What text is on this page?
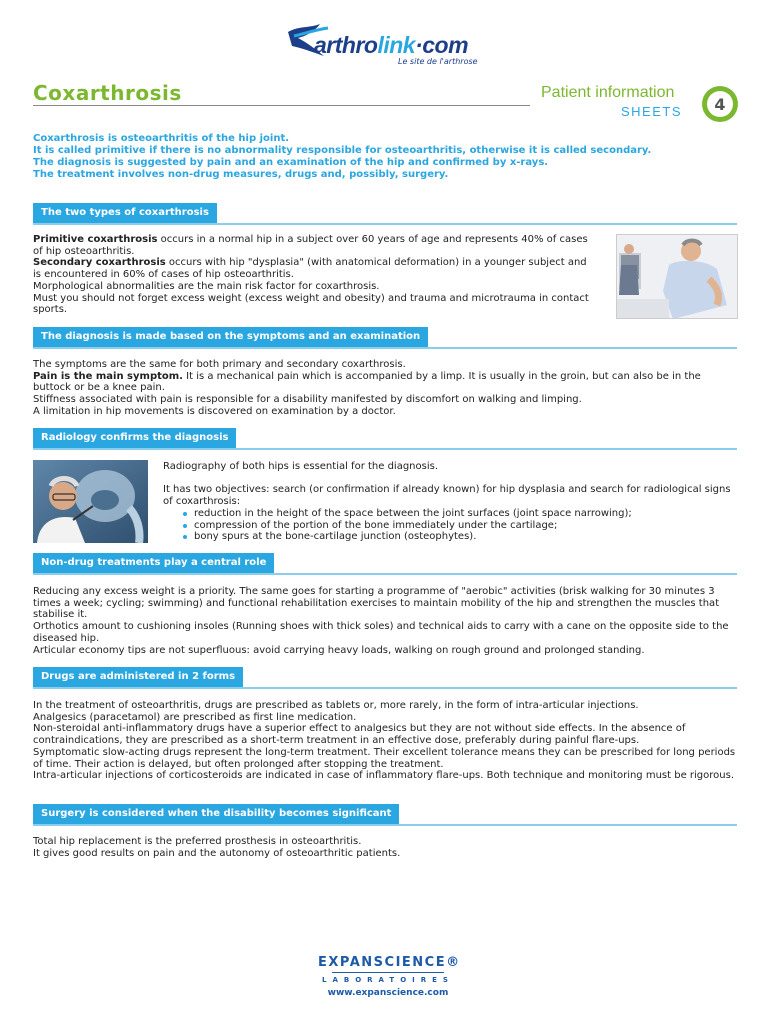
arthrolink·com
Le site de l'arthrose
Coxarthrosis	Patient information
SHEETS 4
Coxarthrosis is osteoarthritis of the hip joint.
It is called primitive if there is no abnormality responsible for osteoarthritis, otherwise it is called secondary.
The diagnosis is suggested by pain and an examination of the hip and confirmed by x-rays.
The treatment involves non-drug measures, drugs and, possibly, surgery.
The two types of coxarthrosis

Primitive coxarthrosis occurs in a normal hip in a subject over 60 years of age and represents 40% of cases of hip osteoarthritis.

Secondary coxarthrosis occurs with hip "dysplasia" (with anatomical deformation) in a younger subject and is encountered in 60% of cases of hip osteoarthritis.

Morphological abnormalities are the main risk factor for coxarthrosis.

Must you should not forget excess weight (excess weight and obesity) and trauma and microtrauma in contact sports.

The diagnosis is made based on the symptoms and an examination

The symptoms are the same for both primary and secondary coxarthrosis.

Pain is the main symptom. It is a mechanical pain which is accompanied by a limp. It is usually in the groin, but can also be in the buttock or be a knee pain.

Stiffness associated with pain is responsible for a disability manifested by discomfort on walking and limping.

A limitation in hip movements is discovered on examination by a doctor.

Radiology confirms the diagnosis

Radiography of both hips is essential for the diagnosis.

It has two objectives: search (or confirmation if already known) for hip dysplasia and search for radiological signs of coxarthrosis:

reduction in the height of the space between the joint surfaces (joint space narrowing);
compression of the portion of the bone immediately under the cartilage;
bony spurs at the bone-cartilage junction (osteophytes).
Non-drug treatments play a central role

Reducing any excess weight is a priority. The same goes for starting a programme of "aerobic" activities (brisk walking for 30 minutes 3 times a week; cycling; swimming) and functional rehabilitation exercises to maintain mobility of the hip and strengthen the muscles that stabilise it.

Orthotics amount to cushioning insoles (Running shoes with thick soles) and technical aids to carry with a cane on the opposite side to the diseased hip.

Articular economy tips are not superfluous: avoid carrying heavy loads, walking on rough ground and prolonged standing.

Drugs are administered in 2 forms

In the treatment of osteoarthritis, drugs are prescribed as tablets or, more rarely, in the form of intra-articular injections.

Analgesics (paracetamol) are prescribed as first line medication.

Non-steroidal anti-inflammatory drugs have a superior effect to analgesics but they are not without side effects. In the absence of contraindications, they are prescribed as a short-term treatment in an effective dose, preferably during painful flare-ups.

Symptomatic slow-acting drugs represent the long-term treatment. Their excellent tolerance means they can be prescribed for long periods of time. Their action is delayed, but often prolonged after stopping the treatment.

Intra-articular injections of corticosteroids are indicated in case of inflammatory flare-ups. Both technique and monitoring must be rigorous.

Surgery is considered when the disability becomes significant

Total hip replacement is the preferred prosthesis in osteoarthritis.

It gives good results on pain and the autonomy of osteoarthritic patients.

EXPANSCIENCE®
LABORATOIRES
www.expanscience.com
